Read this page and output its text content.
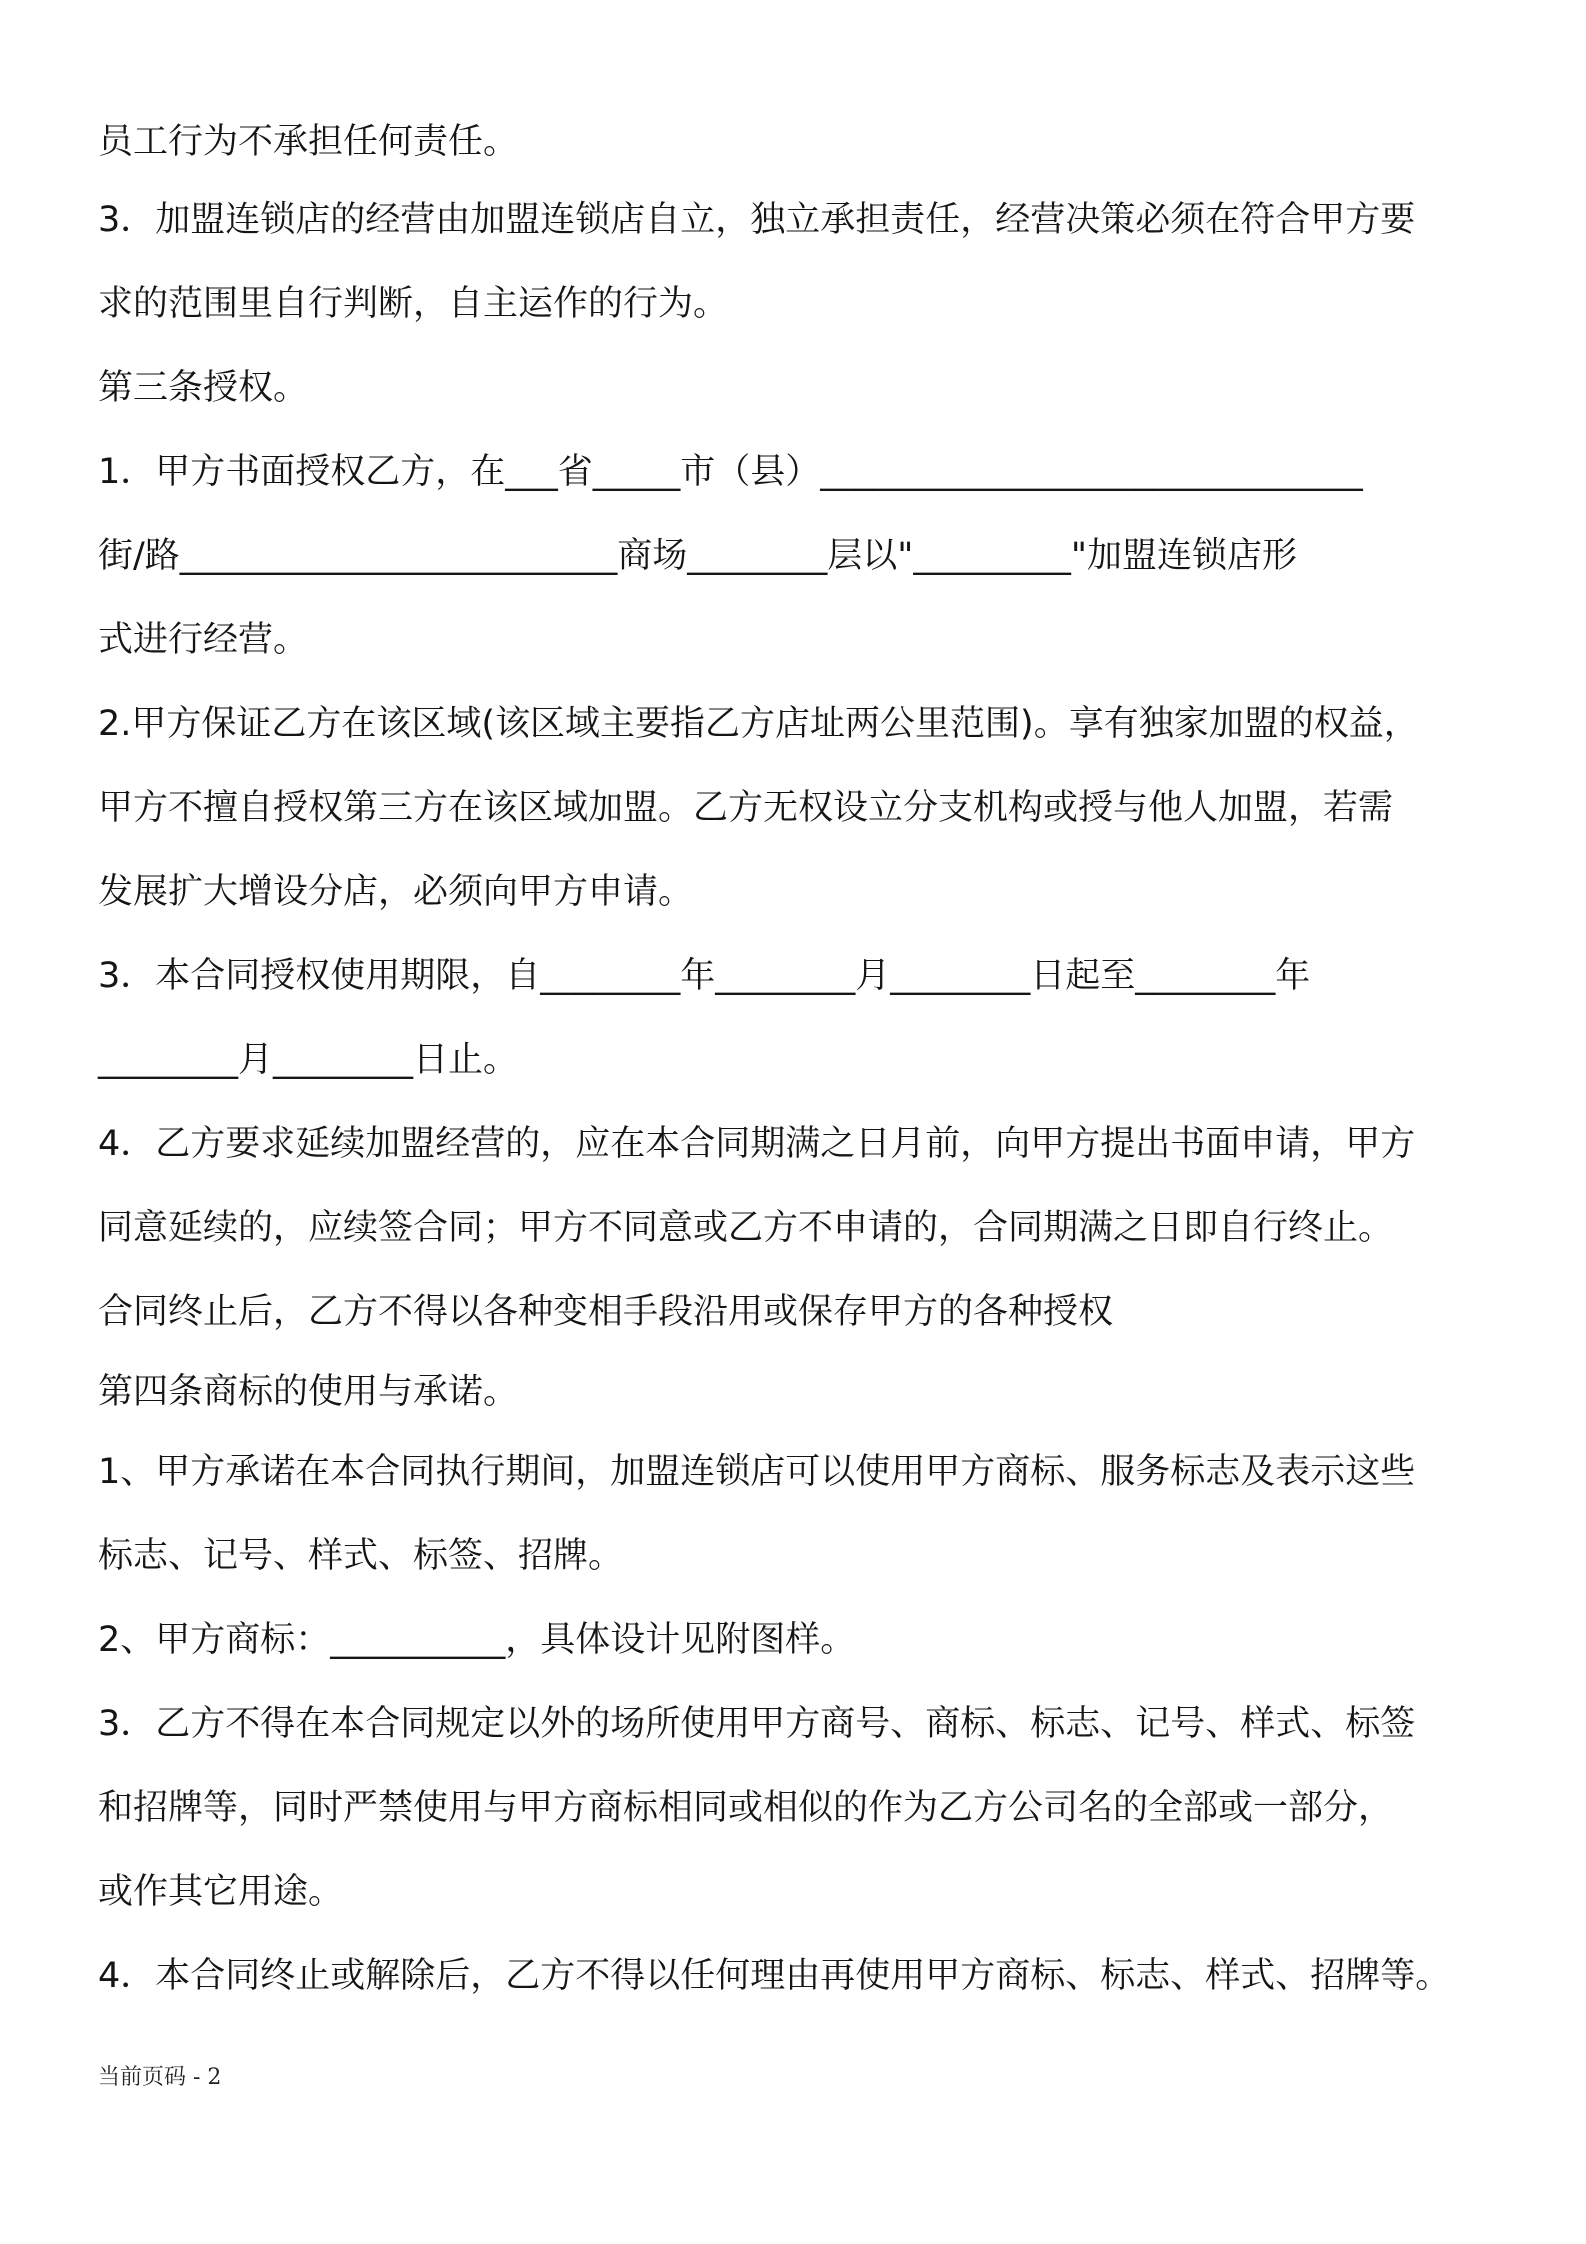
员工行为不承担任何责任。
3．加盟连锁店的经营由加盟连锁店自立，独立承担责任，经营决策必须在符合甲方要
求的范围里自行判断，自主运作的行为。
第三条授权。
1．甲方书面授权乙方，在___省_____市（县）_______________________________
街/路_________________________商场________层以"_________"加盟连锁店形
式进行经营。
2.甲方保证乙方在该区域(该区域主要指乙方店址两公里范围)。享有独家加盟的权益，
甲方不擅自授权第三方在该区域加盟。乙方无权设立分支机构或授与他人加盟，若需
发展扩大增设分店，必须向甲方申请。
3．本合同授权使用期限，自________年________月________日起至________年
________月________日止。
4．乙方要求延续加盟经营的，应在本合同期满之日月前，向甲方提出书面申请，甲方
同意延续的，应续签合同；甲方不同意或乙方不申请的，合同期满之日即自行终止。
合同终止后，乙方不得以各种变相手段沿用或保存甲方的各种授权
第四条商标的使用与承诺。
1、甲方承诺在本合同执行期间，加盟连锁店可以使用甲方商标、服务标志及表示这些
标志、记号、样式、标签、招牌。
2、甲方商标：__________，具体设计见附图样。
3．乙方不得在本合同规定以外的场所使用甲方商号、商标、标志、记号、样式、标签
和招牌等，同时严禁使用与甲方商标相同或相似的作为乙方公司名的全部或一部分，
或作其它用途。
4．本合同终止或解除后，乙方不得以任何理由再使用甲方商标、标志、样式、招牌等。
当前页码 - 2
